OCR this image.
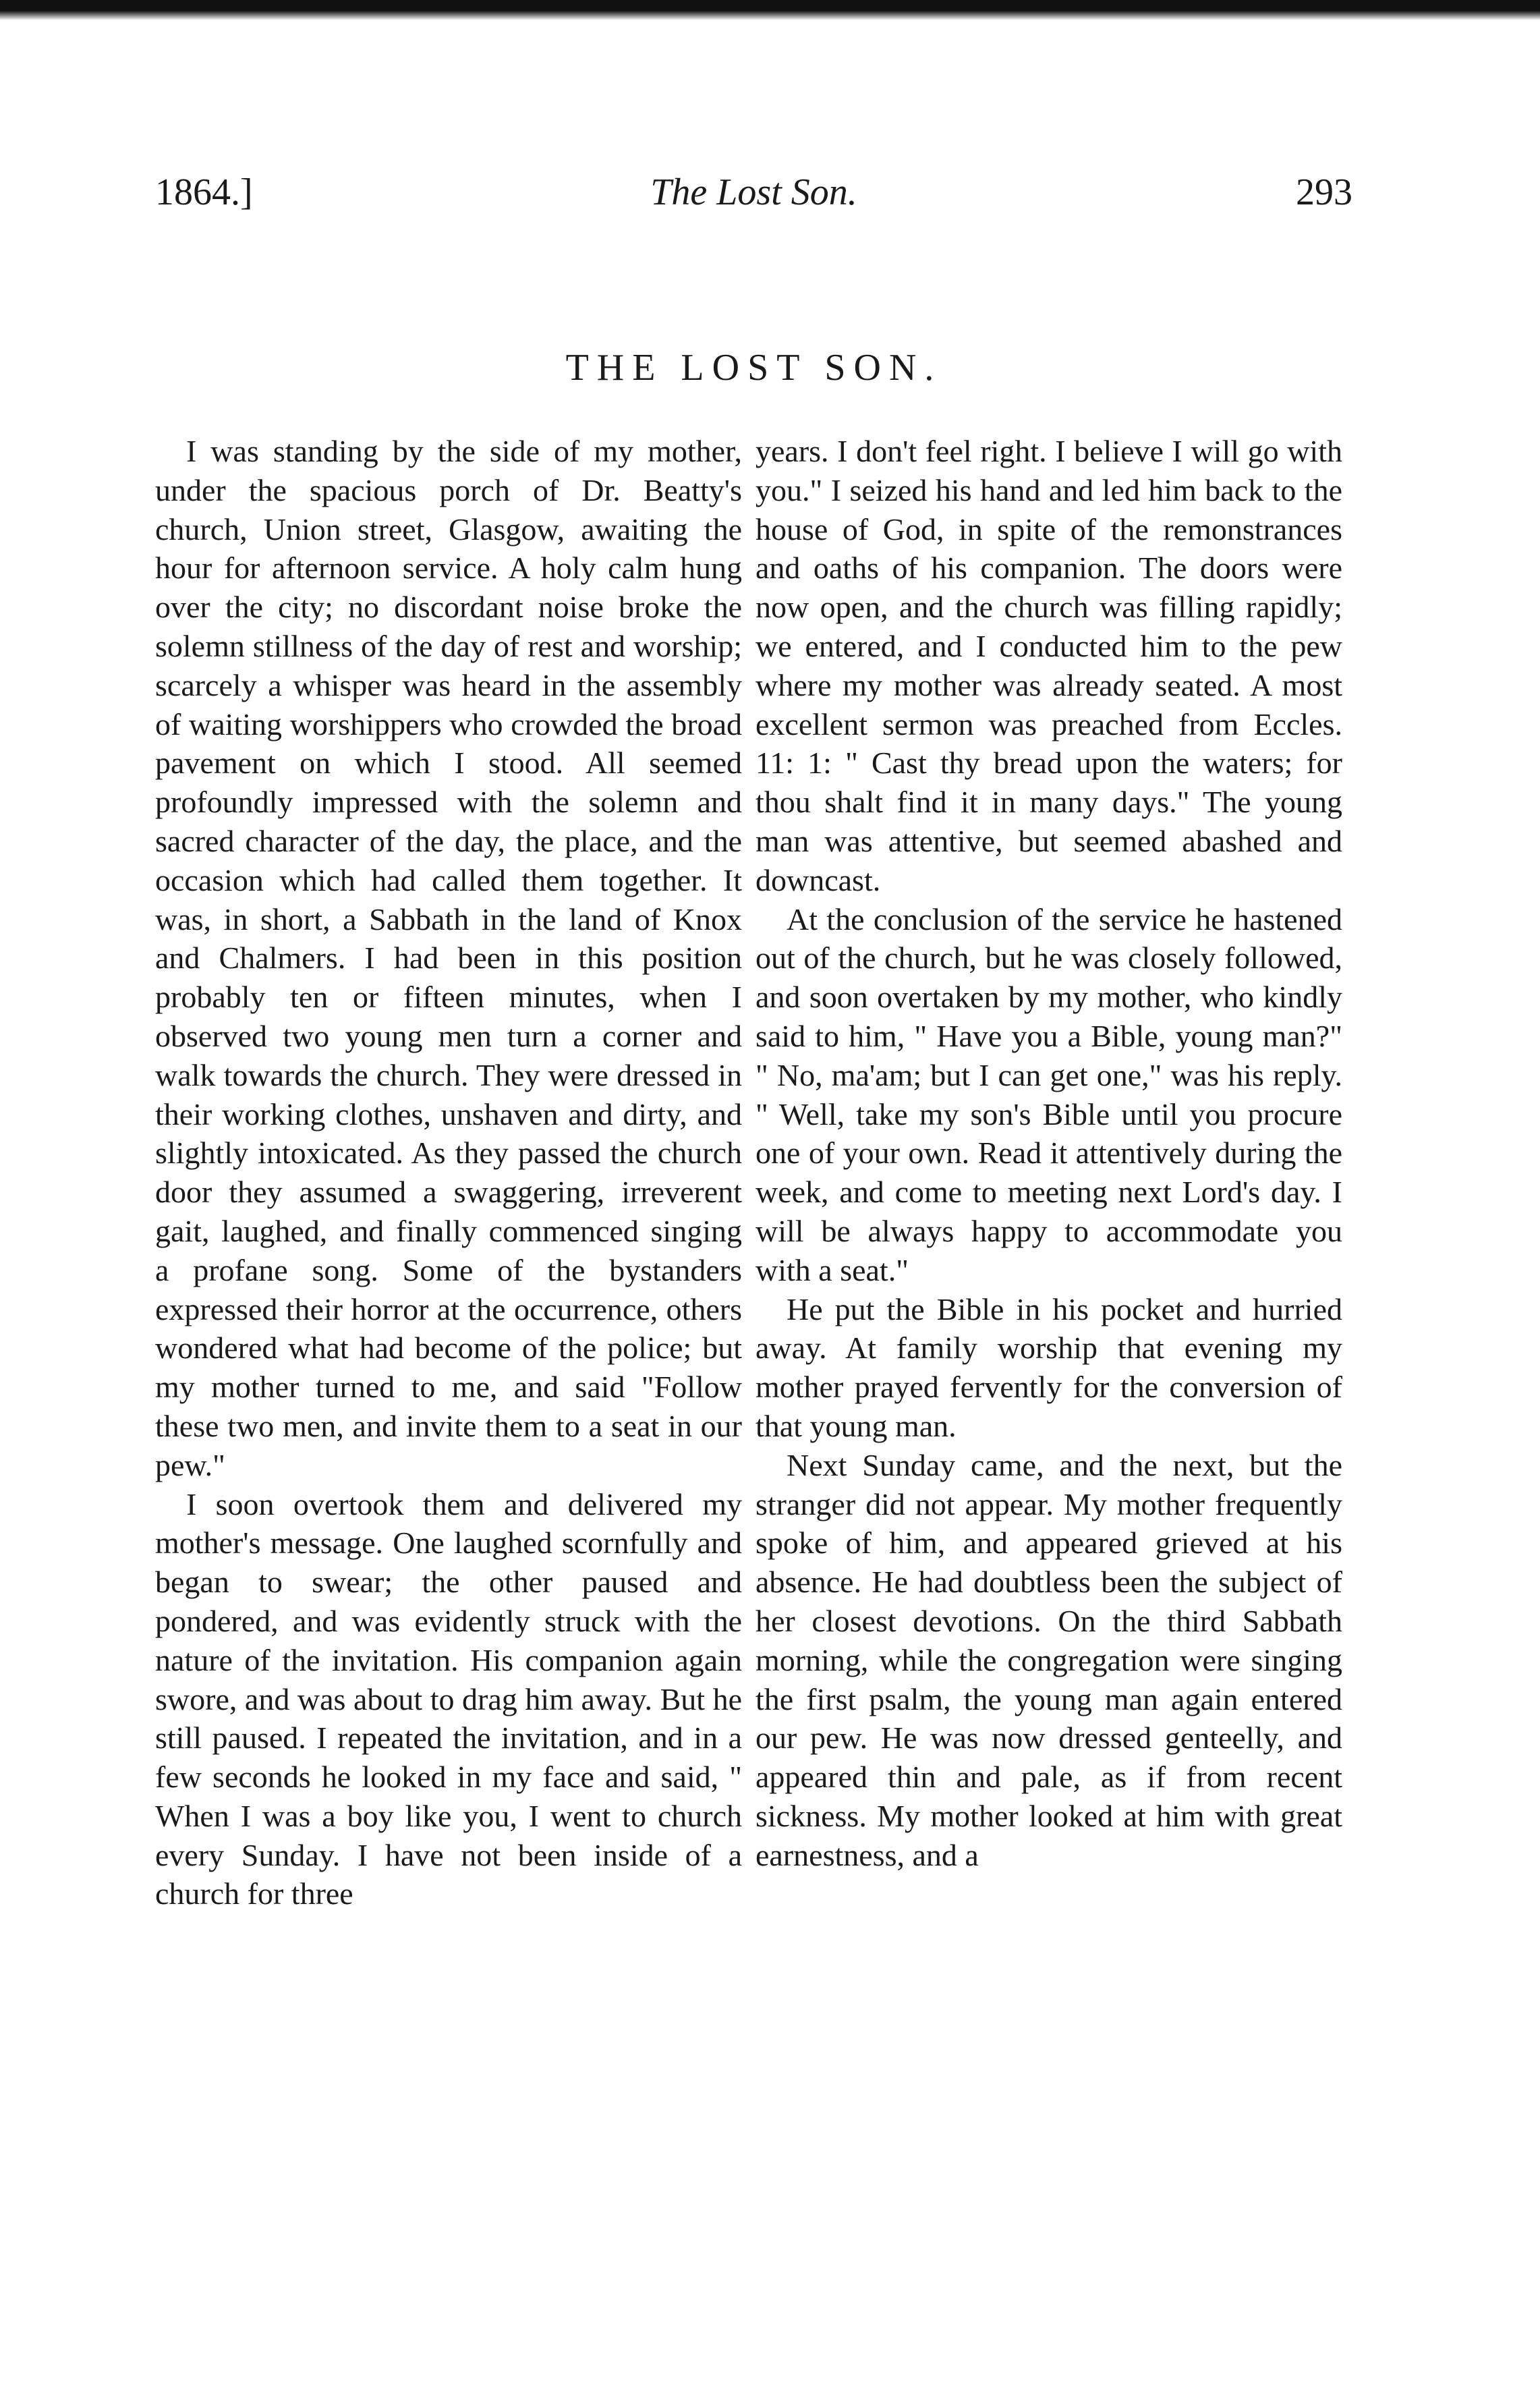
1864.]	The Lost Son.	293
THE LOST SON.

I was standing by the side of my mother, under the spacious porch of Dr. Beatty's church, Union street, Glasgow, awaiting the hour for afternoon service. A holy calm hung over the city; no discordant noise broke the solemn stillness of the day of rest and worship; scarcely a whisper was heard in the assembly of waiting worshippers who crowded the broad pavement on which I stood. All seemed profoundly impressed with the solemn and sacred character of the day, the place, and the occasion which had called them together. It was, in short, a Sabbath in the land of Knox and Chalmers. I had been in this position probably ten or fifteen minutes, when I observed two young men turn a corner and walk towards the church. They were dressed in their working clothes, unshaven and dirty, and slightly intoxicated. As they passed the church door they assumed a swaggering, irreverent gait, laughed, and finally commenced singing a profane song. Some of the bystanders expressed their horror at the occurrence, others wondered what had become of the police; but my mother turned to me, and said "Follow these two men, and invite them to a seat in our pew."

I soon overtook them and delivered my mother's message. One laughed scornfully and began to swear; the other paused and pondered, and was evidently struck with the nature of the invitation. His companion again swore, and was about to drag him away. But he still paused. I repeated the invitation, and in a few seconds he looked in my face and said, " When I was a boy like you, I went to church every Sunday. I have not been inside of a church for three

years. I don't feel right. I believe I will go with you." I seized his hand and led him back to the house of God, in spite of the remonstrances and oaths of his companion. The doors were now open, and the church was filling rapidly; we entered, and I conducted him to the pew where my mother was already seated. A most excellent sermon was preached from Eccles. 11: 1: " Cast thy bread upon the waters; for thou shalt find it in many days." The young man was attentive, but seemed abashed and downcast.

At the conclusion of the service he hastened out of the church, but he was closely followed, and soon overtaken by my mother, who kindly said to him, " Have you a Bible, young man?" " No, ma'am; but I can get one," was his reply. " Well, take my son's Bible until you procure one of your own. Read it attentively during the week, and come to meeting next Lord's day. I will be always happy to accommodate you with a seat."

He put the Bible in his pocket and hurried away. At family worship that evening my mother prayed fervently for the conversion of that young man.

Next Sunday came, and the next, but the stranger did not appear. My mother frequently spoke of him, and appeared grieved at his absence. He had doubtless been the subject of her closest devotions. On the third Sabbath morning, while the congregation were singing the first psalm, the young man again entered our pew. He was now dressed genteelly, and appeared thin and pale, as if from recent sickness. My mother looked at him with great earnestness, and a
